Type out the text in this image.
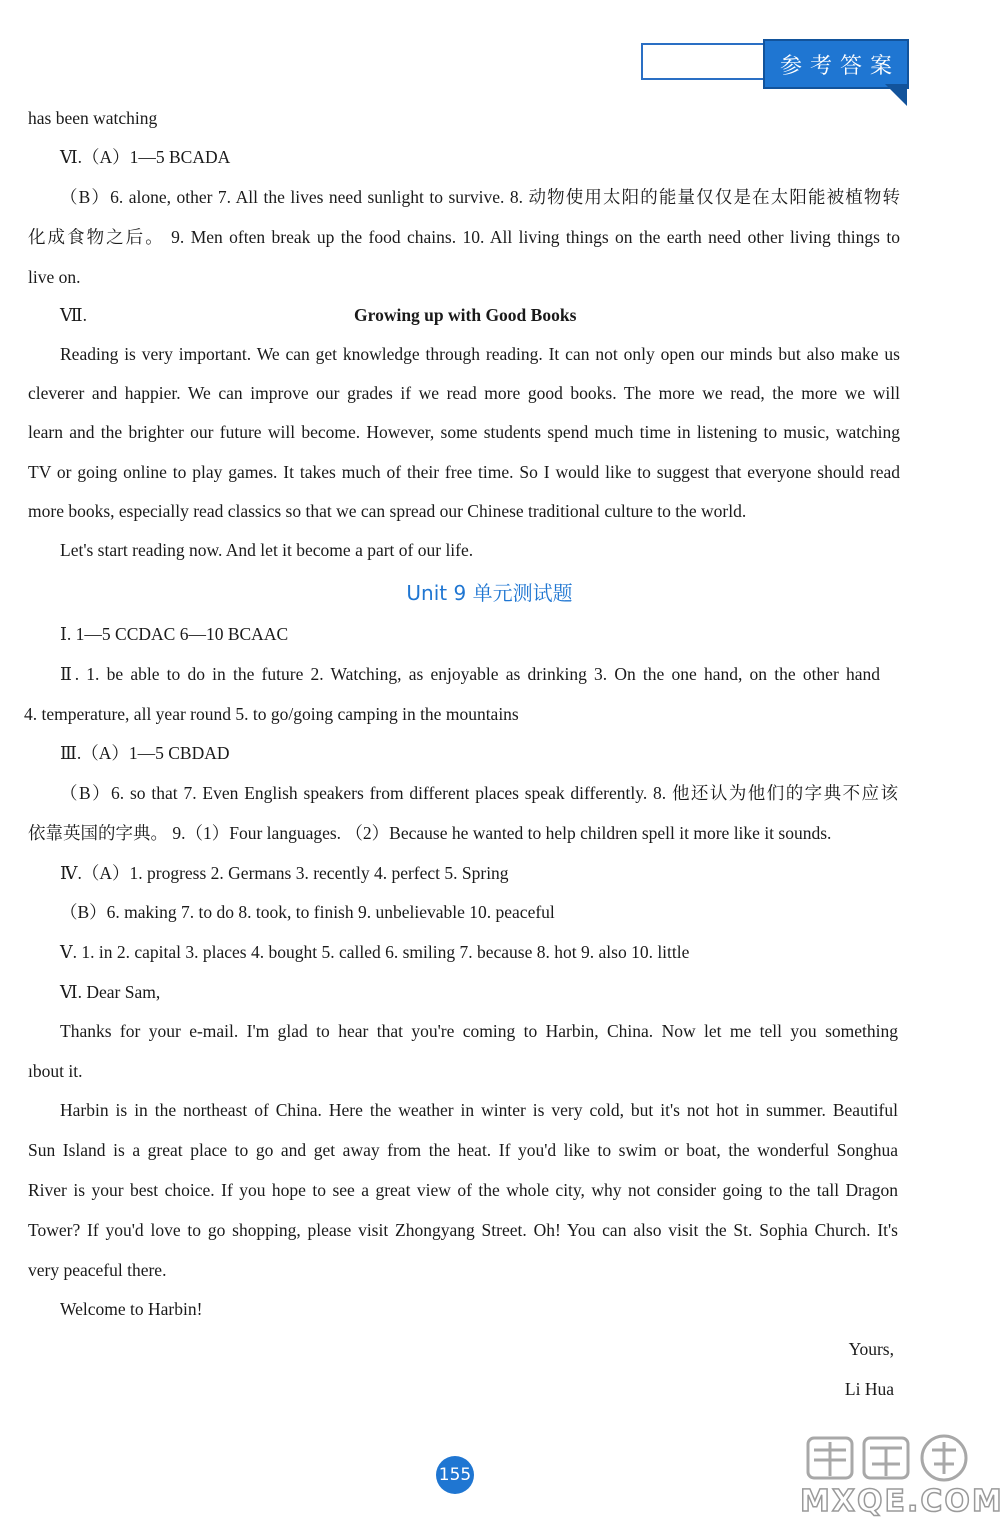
参考答案
has been watching
Ⅵ.（A）1—5 BCADA
（B）6. alone, other 7. All the lives need sunlight to survive. 8. 动物使用太阳的能量仅仅是在太阳能被植物转
化成食物之后。 9. Men often break up the food chains. 10. All living things on the earth need other living things to
live on.
Ⅶ.	Growing up with Good Books
Reading is very important. We can get knowledge through reading. It can not only open our minds but also make us
cleverer and happier. We can improve our grades if we read more good books. The more we read, the more we will
learn and the brighter our future will become. However, some students spend much time in listening to music, watching
TV or going online to play games. It takes much of their free time. So I would like to suggest that everyone should read
more books, especially read classics so that we can spread our Chinese traditional culture to the world.
Let's start reading now. And let it become a part of our life.
Unit 9 单元测试题
Ⅰ. 1—5 CCDAC 6—10 BCAAC
Ⅱ. 1. be able to do in the future 2. Watching, as enjoyable as drinking 3. On the one hand, on the other hand
4. temperature, all year round 5. to go/going camping in the mountains
Ⅲ.（A）1—5 CBDAD
（B）6. so that 7. Even English speakers from different places speak differently. 8. 他还认为他们的字典不应该
依靠英国的字典。 9.（1）Four languages. （2）Because he wanted to help children spell it more like it sounds.
Ⅳ.（A）1. progress 2. Germans 3. recently 4. perfect 5. Spring
（B）6. making 7. to do 8. took, to finish 9. unbelievable 10. peaceful
Ⅴ. 1. in 2. capital 3. places 4. bought 5. called 6. smiling 7. because 8. hot 9. also 10. little
Ⅵ. Dear Sam,
Thanks for your e-mail. I'm glad to hear that you're coming to Harbin, China. Now let me tell you something
ıbout it.
Harbin is in the northeast of China. Here the weather in winter is very cold, but it's not hot in summer. Beautiful
Sun Island is a great place to go and get away from the heat. If you'd like to swim or boat, the wonderful Songhua
River is your best choice. If you hope to see a great view of the whole city, why not consider going to the tall Dragon
Tower? If you'd love to go shopping, please visit Zhongyang Street. Oh! You can also visit the St. Sophia Church. It's
very peaceful there.
Welcome to Harbin!
Yours,
Li Hua
155
MXQE.COM
